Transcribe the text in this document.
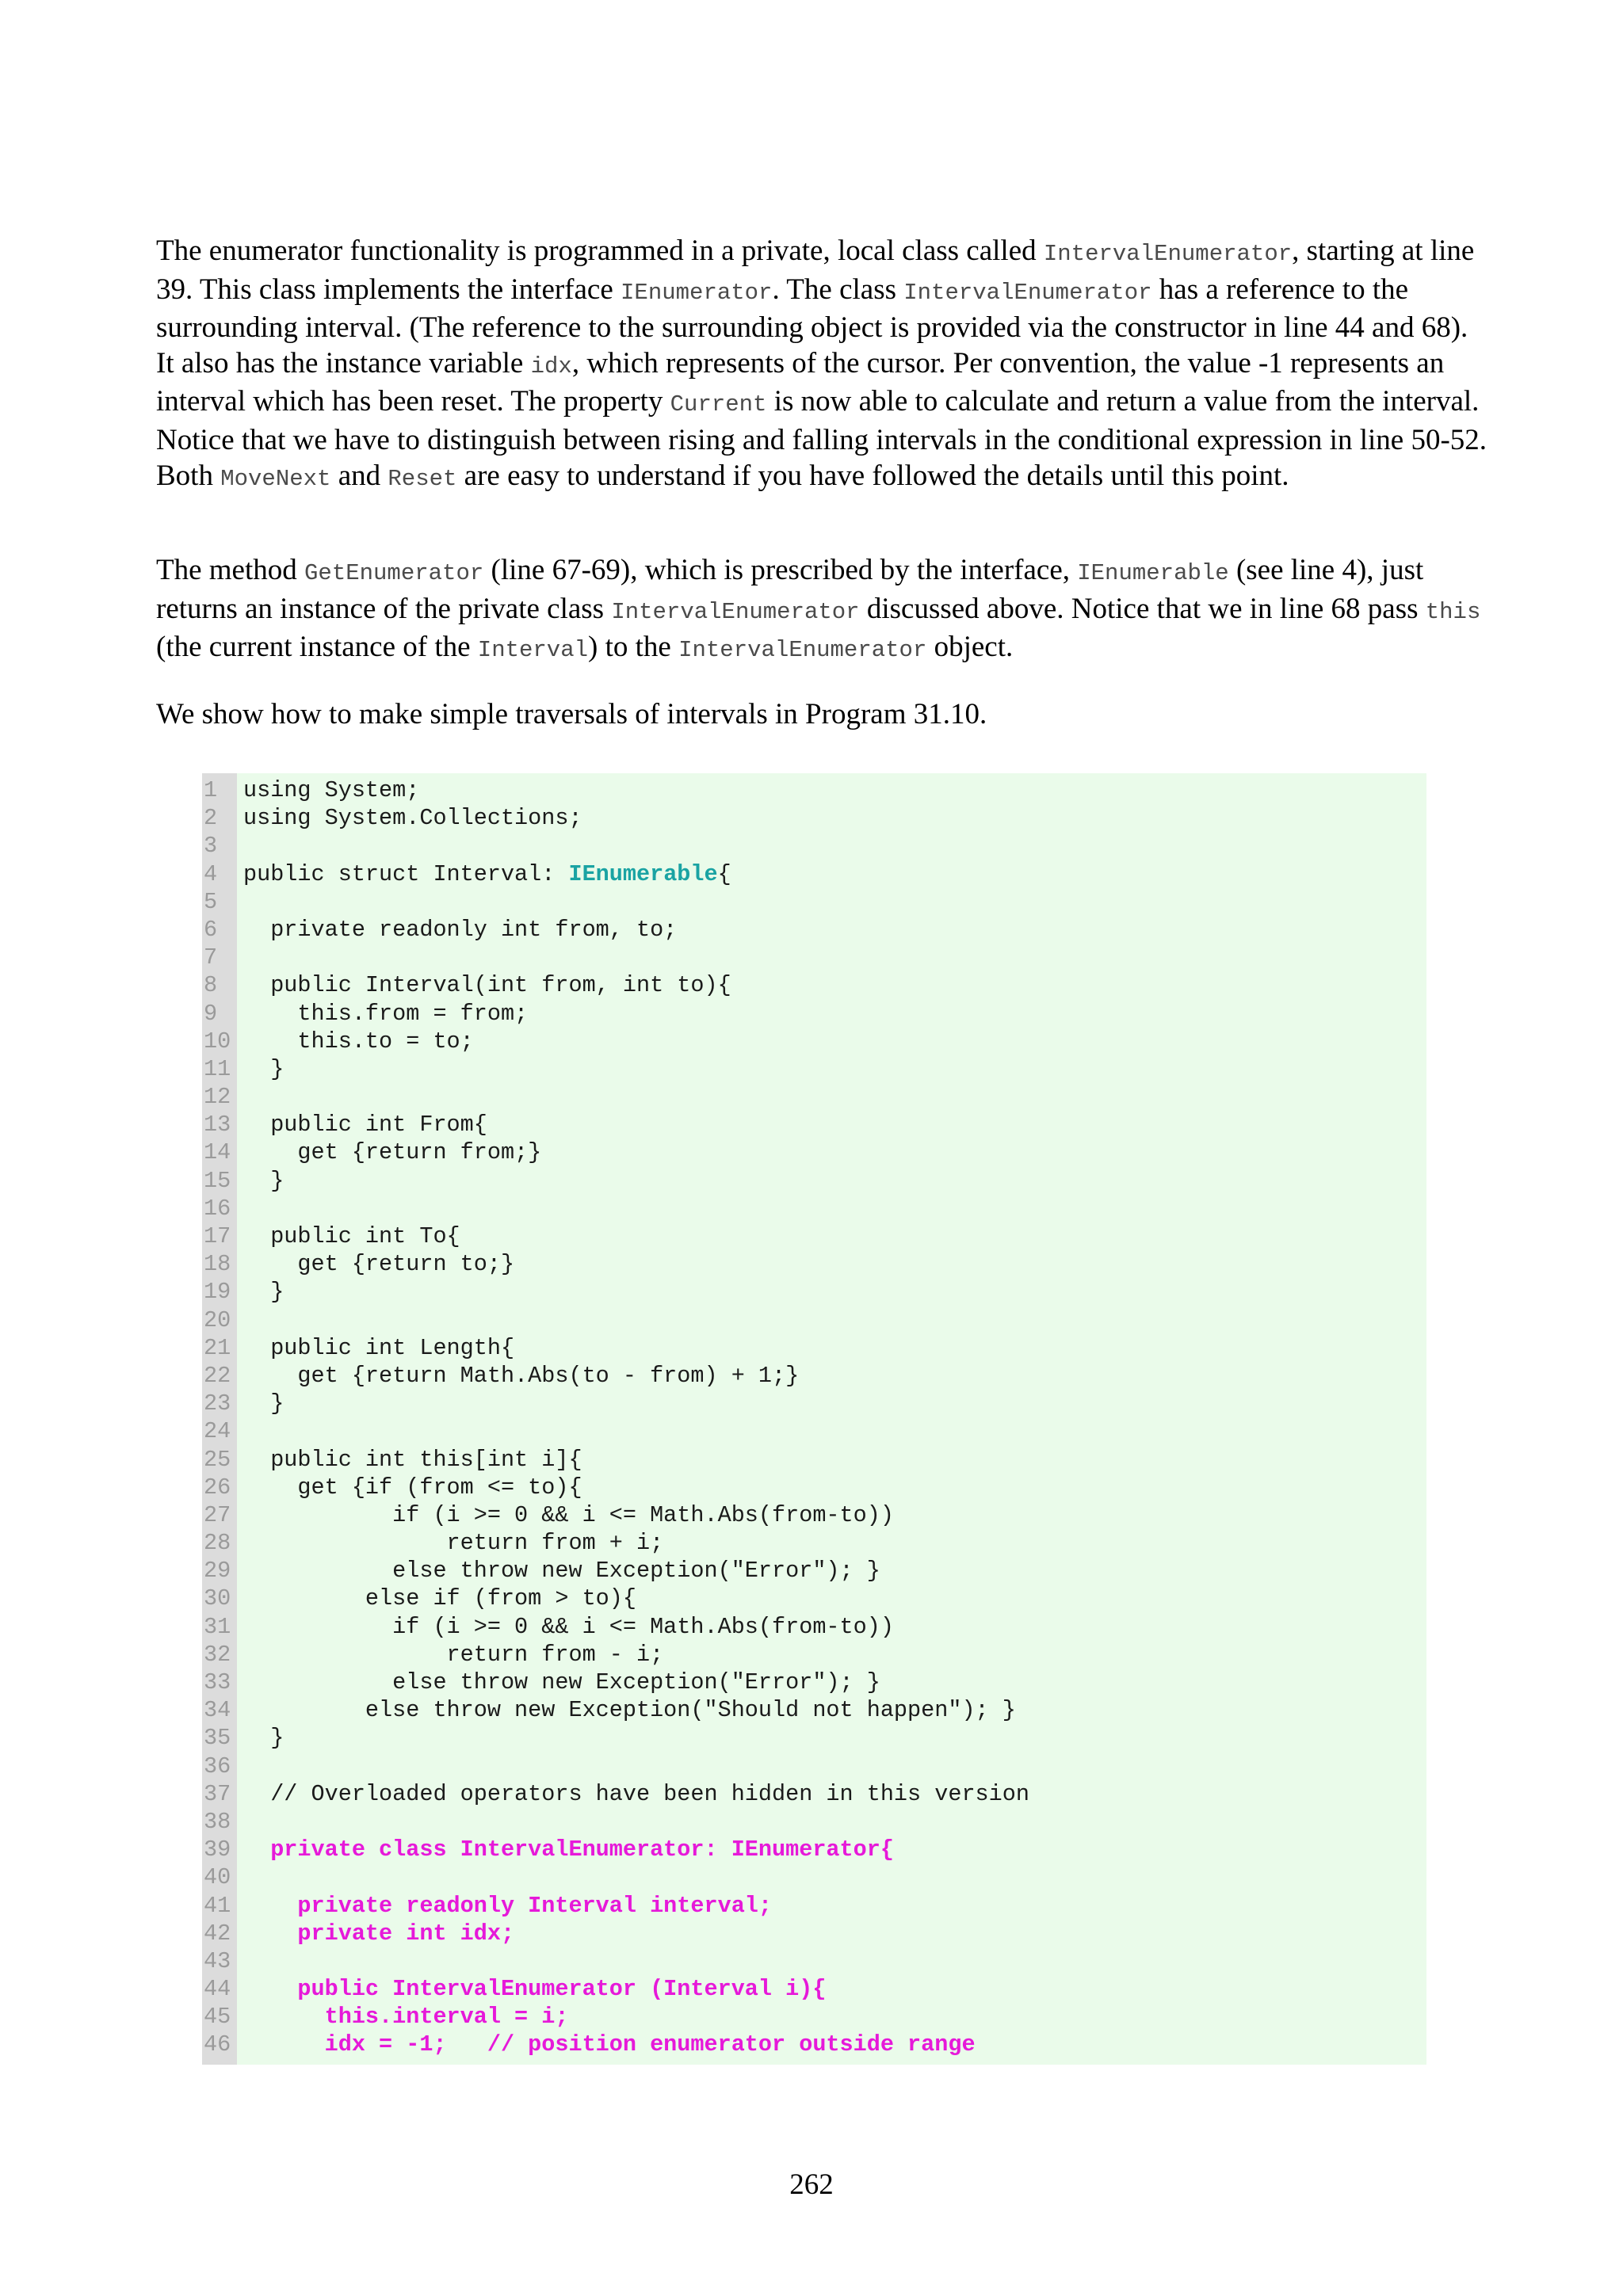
The enumerator functionality is programmed in a private, local class called IntervalEnumerator, starting at line 39. This class implements the interface IEnumerator. The class IntervalEnumerator has a reference to the surrounding interval. (The reference to the surrounding object is provided via the constructor in line 44 and 68). It also has the instance variable idx, which represents of the cursor. Per convention, the value -1 represents an interval which has been reset. The property Current is now able to calculate and return a value from the interval. Notice that we have to distinguish between rising and falling intervals in the conditional expression in line 50-52. Both MoveNext and Reset are easy to understand if you have followed the details until this point.

The method GetEnumerator (line 67-69), which is prescribed by the interface, IEnumerable (see line 4), just returns an instance of the private class IntervalEnumerator discussed above. Notice that we in line 68 pass this (the current instance of the Interval) to the IntervalEnumerator object.

We show how to make simple traversals of intervals in Program 31.10.

1 using System;
2 using System.Collections;
3
4 public struct Interval: IEnumerable{
5
6  private readonly int from, to;
7
8  public Interval(int from, int to){
9    this.from = from;
10    this.to = to;
11  }
12
13  public int From{
14    get {return from;}
15  }
16
17  public int To{
18    get {return to;}
19  }
20
21  public int Length{
22    get {return Math.Abs(to - from) + 1;}
23  }
24
25  public int this[int i]{
26    get {if (from <= to){
27           if (i >= 0 && i <= Math.Abs(from-to))
28               return from + i;
29           else throw new Exception("Error"); }
30         else if (from > to){
31           if (i >= 0 && i <= Math.Abs(from-to))
32               return from - i;
33           else throw new Exception("Error"); }
34         else throw new Exception("Should not happen"); }
35  }
36
37  // Overloaded operators have been hidden in this version
38
39  private class IntervalEnumerator: IEnumerator{
40
41    private readonly Interval interval;
42    private int idx;
43
44    public IntervalEnumerator (Interval i){
45      this.interval = i;
46      idx = -1;   // position enumerator outside range
262
